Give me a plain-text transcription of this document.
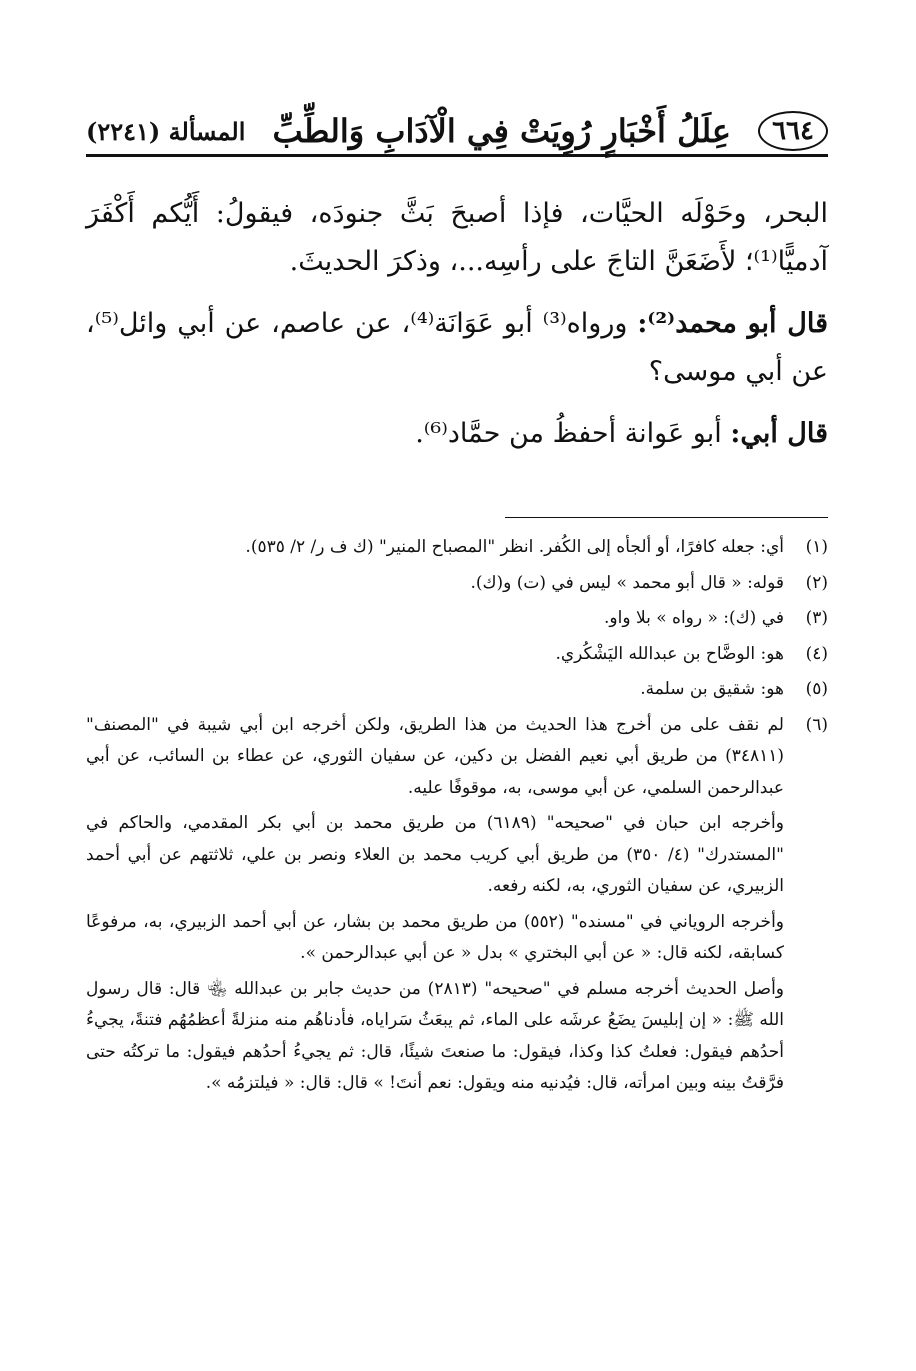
٦٦٤
عِلَلُ أَخْبَارٍ رُوِيَتْ فِي الْآدَابِ وَالطِّبِّ
المسألة (٢٢٤١)

البحر، وحَوْلَه الحيَّات، فإذا أصبحَ بَثَّ جنودَه، فيقولُ: أَيُّكم أَكْفَرَ آدميًّا⁽¹⁾؛ لأَضَعَنَّ التاجَ على رأسِه...، وذكرَ الحديثَ.

قال أبو محمد⁽²⁾: ورواه⁽³⁾ أبو عَوَانَة⁽⁴⁾، عن عاصم، عن أبي وائل⁽⁵⁾، عن أبي موسى؟

قال أبي: أبو عَوانة أحفظُ من حمَّاد⁽⁶⁾.

(١)

أي: جعله كافرًا، أو ألجأه إلى الكُفر. انظر "المصباح المنير" (ك ف ر/ ٢/ ٥٣٥).

(٢)

قوله: « قال أبو محمد » ليس في (ت) و(ك).

(٣)

في (ك): « رواه » بلا واو.

(٤)

هو: الوضَّاح بن عبدالله اليَشْكُري.

(٥)

هو: شقيق بن سلمة.

(٦)

لم نقف على من أخرج هذا الحديث من هذا الطريق، ولكن أخرجه ابن أبي شيبة في "المصنف" (٣٤٨١١) من طريق أبي نعيم الفضل بن دكين، عن سفيان الثوري، عن عطاء بن السائب، عن أبي عبدالرحمن السلمي، عن أبي موسى، به، موقوفًا عليه.

وأخرجه ابن حبان في "صحيحه" (٦١٨٩) من طريق محمد بن أبي بكر المقدمي، والحاكم في "المستدرك" (٤/ ٣٥٠) من طريق أبي كريب محمد بن العلاء ونصر بن علي، ثلاثتهم عن أبي أحمد الزبيري، عن سفيان الثوري، به، لكنه رفعه.

وأخرجه الروياني في "مسنده" (٥٥٢) من طريق محمد بن بشار، عن أبي أحمد الزبيري، به، مرفوعًا كسابقه، لكنه قال: « عن أبي البختري » بدل « عن أبي عبدالرحمن ».

وأصل الحديث أخرجه مسلم في "صحيحه" (٢٨١٣) من حديث جابر بن عبدالله ﵄ قال: قال رسول الله ﷺ: « إن إبليسَ يضَعُ عرشَه على الماء، ثم يبعَثُ سَراياه، فأدناهُم منه منزلةً أعظمُهُم فتنةً، يجيءُ أحدُهم فيقول: فعلتُ كذا وكذا، فيقول: ما صنعتَ شيئًا، قال: ثم يجيءُ أحدُهم فيقول: ما تركتُه حتى فرَّقتُ بينه وبين امرأته، قال: فيُدنيه منه ويقول: نعم أنتَ! » قال: قال: « فيلتزمُه ».
